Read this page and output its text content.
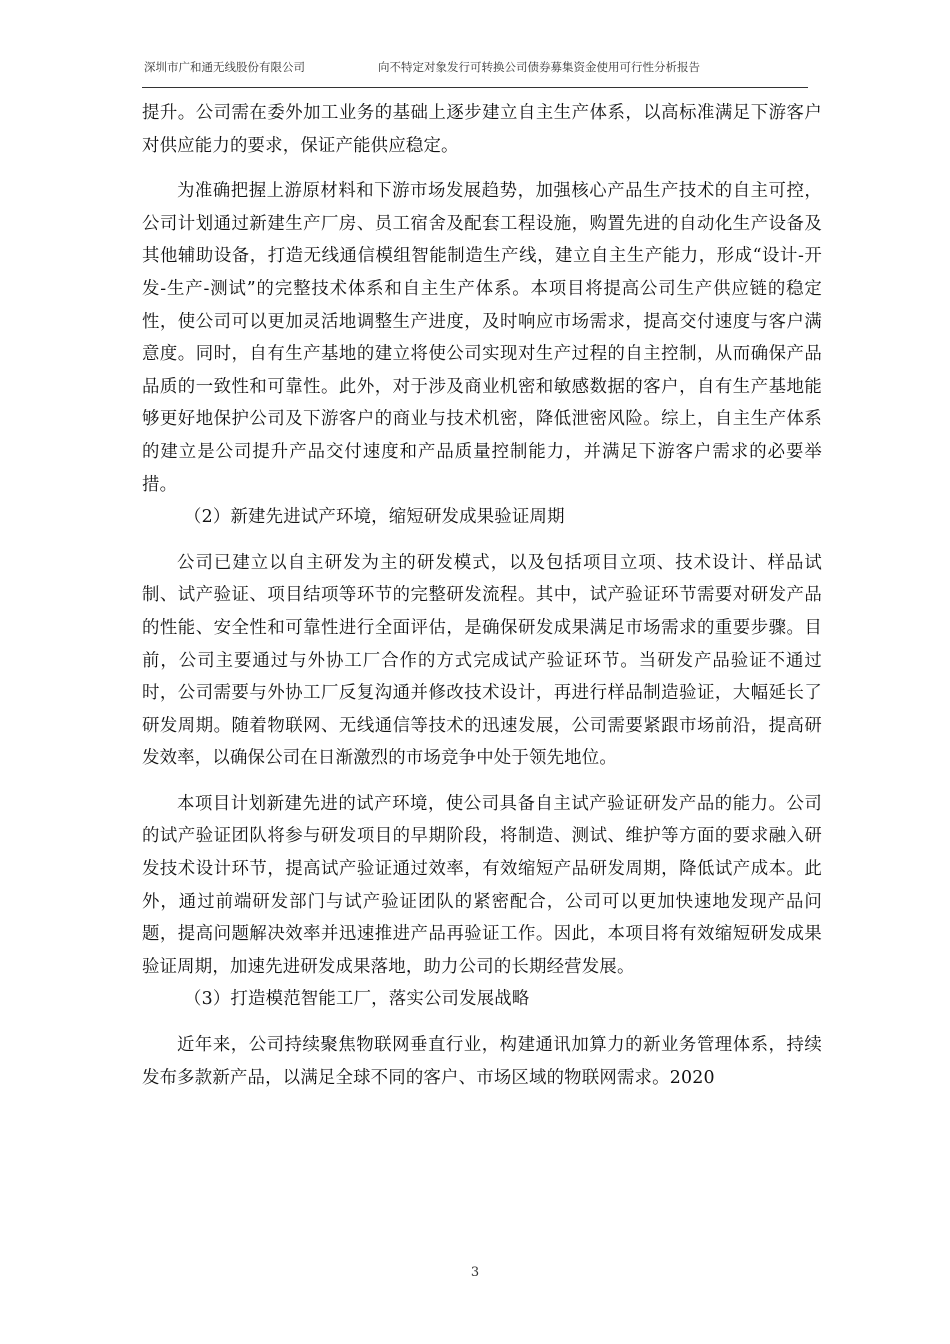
深圳市广和通无线股份有限公司	向不特定对象发行可转换公司债券募集资金使用可行性分析报告

提升。公司需在委外加工业务的基础上逐步建立自主生产体系，以高标准满足下游客户对供应能力的要求，保证产能供应稳定。

为准确把握上游原材料和下游市场发展趋势，加强核心产品生产技术的自主可控，公司计划通过新建生产厂房、员工宿舍及配套工程设施，购置先进的自动化生产设备及其他辅助设备，打造无线通信模组智能制造生产线，建立自主生产能力，形成“设计-开发-生产-测试”的完整技术体系和自主生产体系。本项目将提高公司生产供应链的稳定性，使公司可以更加灵活地调整生产进度，及时响应市场需求，提高交付速度与客户满意度。同时，自有生产基地的建立将使公司实现对生产过程的自主控制，从而确保产品品质的一致性和可靠性。此外，对于涉及商业机密和敏感数据的客户，自有生产基地能够更好地保护公司及下游客户的商业与技术机密，降低泄密风险。综上，自主生产体系的建立是公司提升产品交付速度和产品质量控制能力，并满足下游客户需求的必要举措。

（2）新建先进试产环境，缩短研发成果验证周期

公司已建立以自主研发为主的研发模式，以及包括项目立项、技术设计、样品试制、试产验证、项目结项等环节的完整研发流程。其中，试产验证环节需要对研发产品的性能、安全性和可靠性进行全面评估，是确保研发成果满足市场需求的重要步骤。目前，公司主要通过与外协工厂合作的方式完成试产验证环节。当研发产品验证不通过时，公司需要与外协工厂反复沟通并修改技术设计，再进行样品制造验证，大幅延长了研发周期。随着物联网、无线通信等技术的迅速发展，公司需要紧跟市场前沿，提高研发效率，以确保公司在日渐激烈的市场竞争中处于领先地位。

本项目计划新建先进的试产环境，使公司具备自主试产验证研发产品的能力。公司的试产验证团队将参与研发项目的早期阶段，将制造、测试、维护等方面的要求融入研发技术设计环节，提高试产验证通过效率，有效缩短产品研发周期，降低试产成本。此外，通过前端研发部门与试产验证团队的紧密配合，公司可以更加快速地发现产品问题，提高问题解决效率并迅速推进产品再验证工作。因此，本项目将有效缩短研发成果验证周期，加速先进研发成果落地，助力公司的长期经营发展。

（3）打造模范智能工厂，落实公司发展战略

近年来，公司持续聚焦物联网垂直行业，构建通讯加算力的新业务管理体系，持续发布多款新产品，以满足全球不同的客户、市场区域的物联网需求。2020

3
